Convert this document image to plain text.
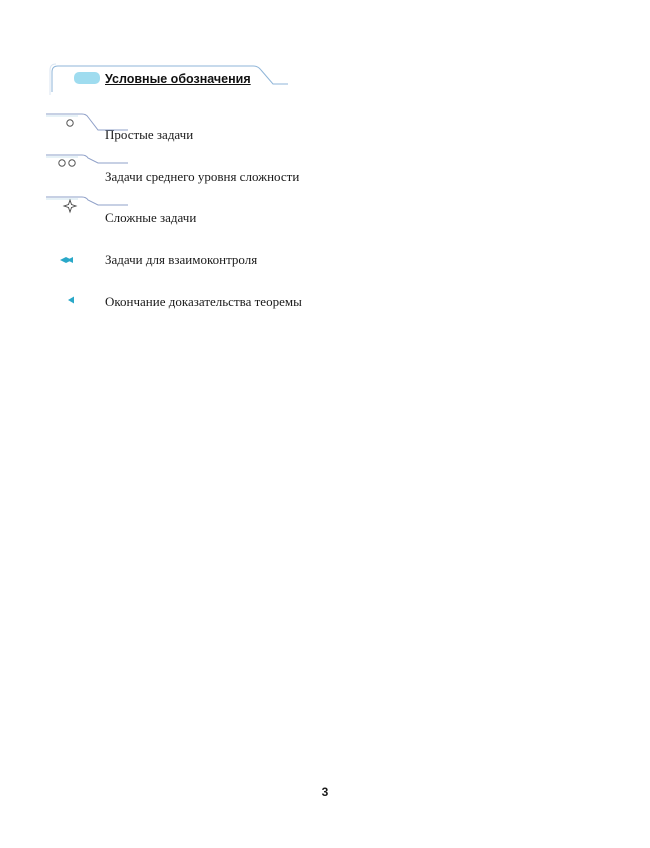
Условные обозначения
Простые задачи
Задачи среднего уровня сложности
Сложные задачи
Задачи для взаимоконтроля
Окончание доказательства теоремы
3
